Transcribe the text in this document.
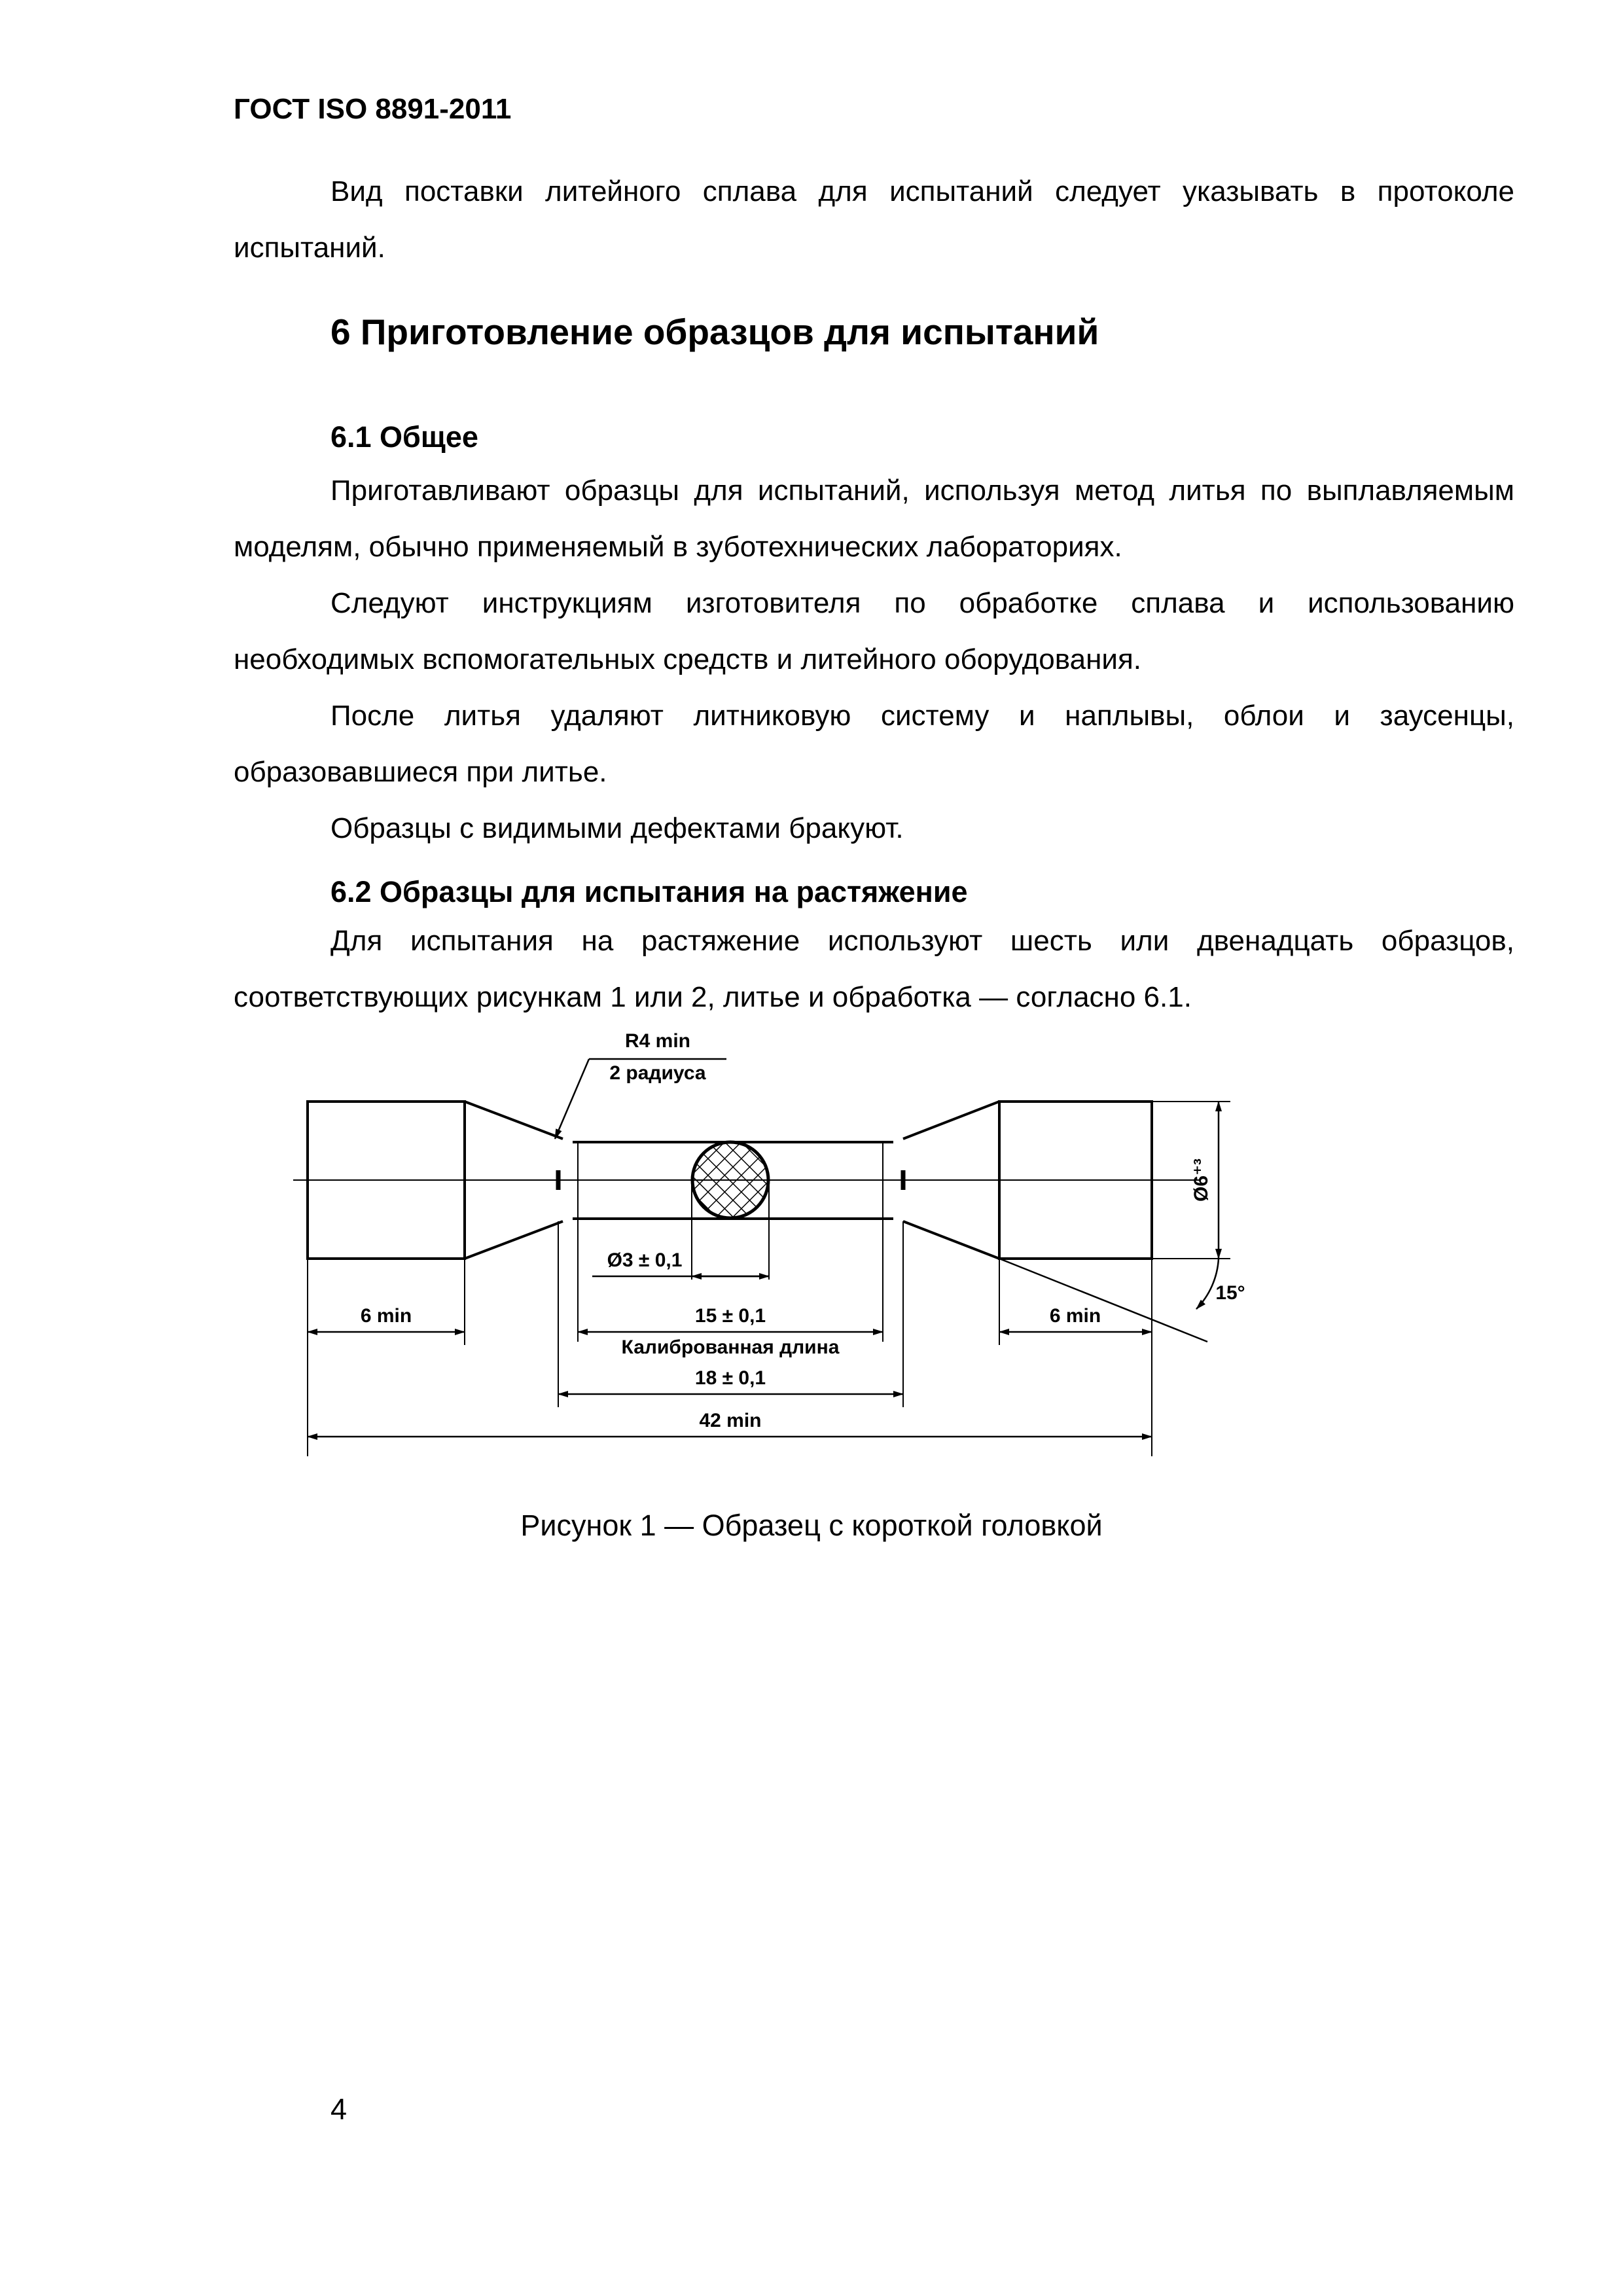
ГОСТ ISO 8891-2011

Вид поставки литейного сплава для испытаний следует указывать в протоколе испытаний.

6 Приготовление образцов для испытаний
6.1 Общее

Приготавливают образцы для испытаний, используя метод литья по выплавляемым моделям, обычно применяемый в зуботехнических лабораториях.

Следуют инструкциям изготовителя по обработке сплава и использованию необходимых вспомогательных средств и литейного оборудования.

После литья удаляют литниковую систему и наплывы, облои и заусенцы, образовавшиеся при литье.

Образцы с видимыми дефектами бракуют.

6.2 Образцы для испытания на растяжение

Для испытания на растяжение используют шесть или двенадцать образцов, соответствующих рисункам 1 или 2, литье и обработка — согласно 6.1.

R4 min
2 радиуса
Ø6⁺³
15°
Ø3 ± 0,1
6 min	6 min
15 ± 0,1
Калиброванная длина
18 ± 0,1
42 min
Рисунок 1 — Образец с короткой головкой
4
